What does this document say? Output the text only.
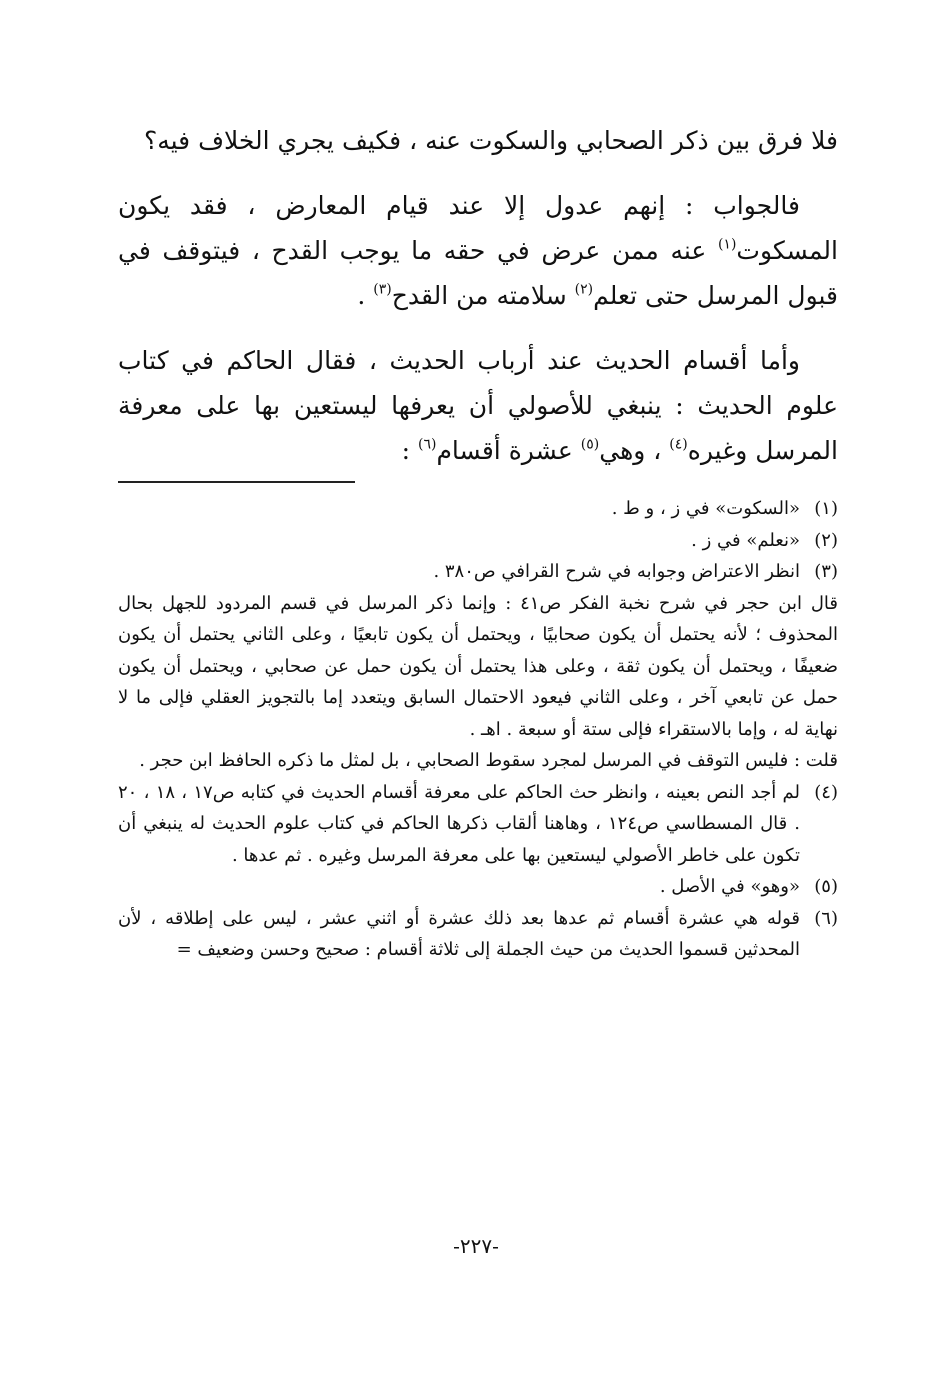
فلا فرق بين ذكر الصحابي والسكوت عنه ، فكيف يجري الخلاف فيه؟

فالجواب : إنهم عدول إلا عند قيام المعارض ، فقد يكون المسكوت$^{(١)}$ عنه ممن عرض في حقه ما يوجب القدح ، فيتوقف في قبول المرسل حتى تعلم$^{(٢)}$ سلامته من القدح$^{(٣)}$ .

وأما أقسام الحديث عند أرباب الحديث ، فقال الحاكم في كتاب علوم الحديث : ينبغي للأصولي أن يعرفها ليستعين بها على معرفة المرسل وغيره$^{(٤)}$ ، وهي$^{(٥)}$ عشرة أقسام$^{(٦)}$ :

(١)

«السكوت» في ز ، و ط .

(٢)

«نعلم» في ز .

(٣)

انظر الاعتراض وجوابه في شرح القرافي ص٣٨٠ .

قال ابن حجر في شرح نخبة الفكر ص٤١ : وإنما ذكر المرسل في قسم المردود للجهل بحال المحذوف ؛ لأنه يحتمل أن يكون صحابيًا ، ويحتمل أن يكون تابعيًا ، وعلى الثاني يحتمل أن يكون ضعيفًا ، ويحتمل أن يكون ثقة ، وعلى هذا يحتمل أن يكون حمل عن صحابي ، ويحتمل أن يكون حمل عن تابعي آخر ، وعلى الثاني فيعود الاحتمال السابق ويتعدد إما بالتجويز العقلي فإلى ما لا نهاية له ، وإما بالاستقراء فإلى ستة أو سبعة . اهـ .

قلت : فليس التوقف في المرسل لمجرد سقوط الصحابي ، بل لمثل ما ذكره الحافظ ابن حجر .

(٤)

لم أجد النص بعينه ، وانظر حث الحاكم على معرفة أقسام الحديث في كتابه ص١٧ ، ١٨ ، ٢٠ . قال المسطاسي ص١٢٤ ، وهاهنا ألقاب ذكرها الحاكم في كتاب علوم الحديث له ينبغي أن تكون على خاطر الأصولي ليستعين بها على معرفة المرسل وغيره . ثم عدها .

(٥)

«وهو» في الأصل .

(٦)

قوله هي عشرة أقسام ثم عدها بعد ذلك عشرة أو اثني عشر ، ليس على إطلاقه ، لأن المحدثين قسموا الحديث من حيث الجملة إلى ثلاثة أقسام : صحيح وحسن وضعيف =

-٢٢٧-
